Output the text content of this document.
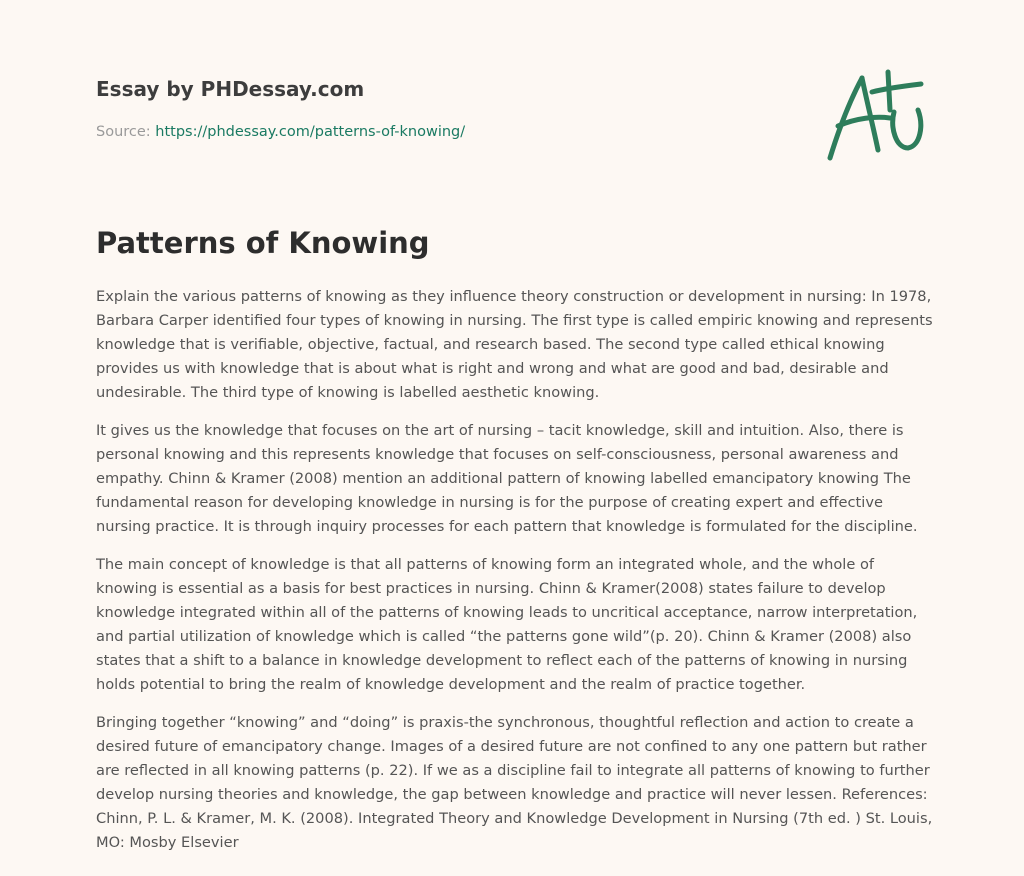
Essay by PHDessay.com
Source: https://phdessay.com/patterns-of-knowing/
Patterns of Knowing

Explain the various patterns of knowing as they influence theory construction or development in nursing: In 1978, Barbara Carper identified four types of knowing in nursing. The first type is called empiric knowing and represents knowledge that is verifiable, objective, factual, and research based. The second type called ethical knowing provides us with knowledge that is about what is right and wrong and what are good and bad, desirable and undesirable. The third type of knowing is labelled aesthetic knowing.

It gives us the knowledge that focuses on the art of nursing – tacit knowledge, skill and intuition. Also, there is personal knowing and this represents knowledge that focuses on self-consciousness, personal awareness and empathy. Chinn & Kramer (2008) mention an additional pattern of knowing labelled emancipatory knowing The fundamental reason for developing knowledge in nursing is for the purpose of creating expert and effective nursing practice. It is through inquiry processes for each pattern that knowledge is formulated for the discipline.

The main concept of knowledge is that all patterns of knowing form an integrated whole, and the whole of knowing is essential as a basis for best practices in nursing. Chinn & Kramer(2008) states failure to develop knowledge integrated within all of the patterns of knowing leads to uncritical acceptance, narrow interpretation, and partial utilization of knowledge which is called “the patterns gone wild”(p. 20). Chinn & Kramer (2008) also states that a shift to a balance in knowledge development to reflect each of the patterns of knowing in nursing holds potential to bring the realm of knowledge development and the realm of practice together.

Bringing together “knowing” and “doing” is praxis-the synchronous, thoughtful reflection and action to create a desired future of emancipatory change. Images of a desired future are not confined to any one pattern but rather are reflected in all knowing patterns (p. 22). If we as a discipline fail to integrate all patterns of knowing to further develop nursing theories and knowledge, the gap between knowledge and practice will never lessen. References: Chinn, P. L. & Kramer, M. K. (2008). Integrated Theory and Knowledge Development in Nursing (7th ed. ) St. Louis, MO: Mosby Elsevier
